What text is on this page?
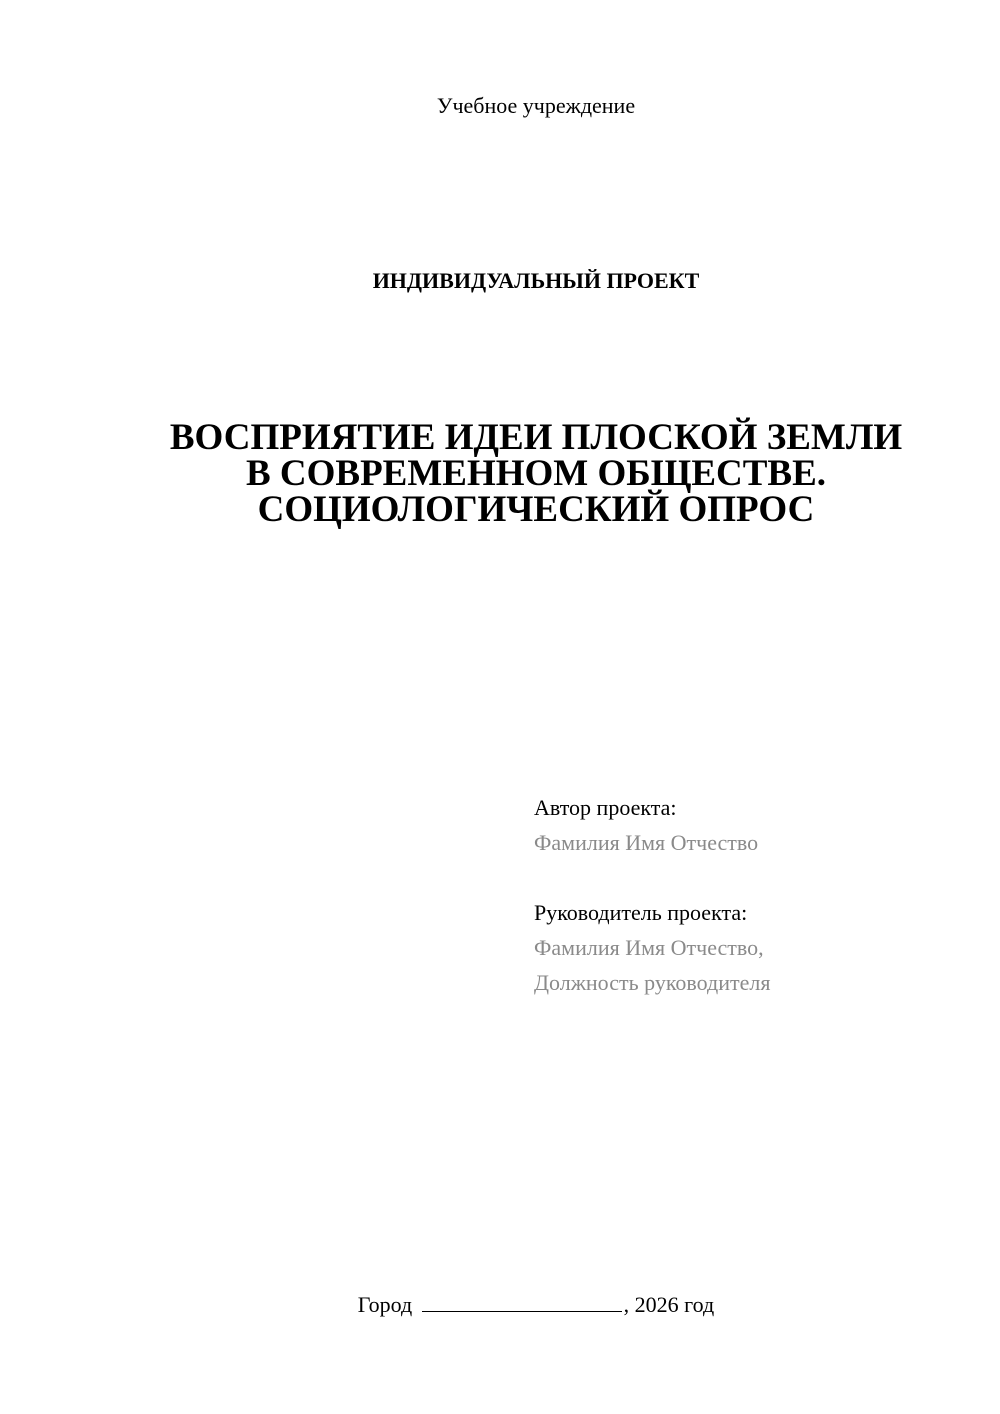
Учебное учреждение
ИНДИВИДУАЛЬНЫЙ ПРОЕКТ
ВОСПРИЯТИЕ ИДЕИ ПЛОСКОЙ ЗЕМЛИ
В СОВРЕМЕННОМ ОБЩЕСТВЕ.
СОЦИОЛОГИЧЕСКИЙ ОПРОС
Автор проекта:
Фамилия Имя Отчество
Руководитель проекта:
Фамилия Имя Отчество,
Должность руководителя
Город	, 2026 год
